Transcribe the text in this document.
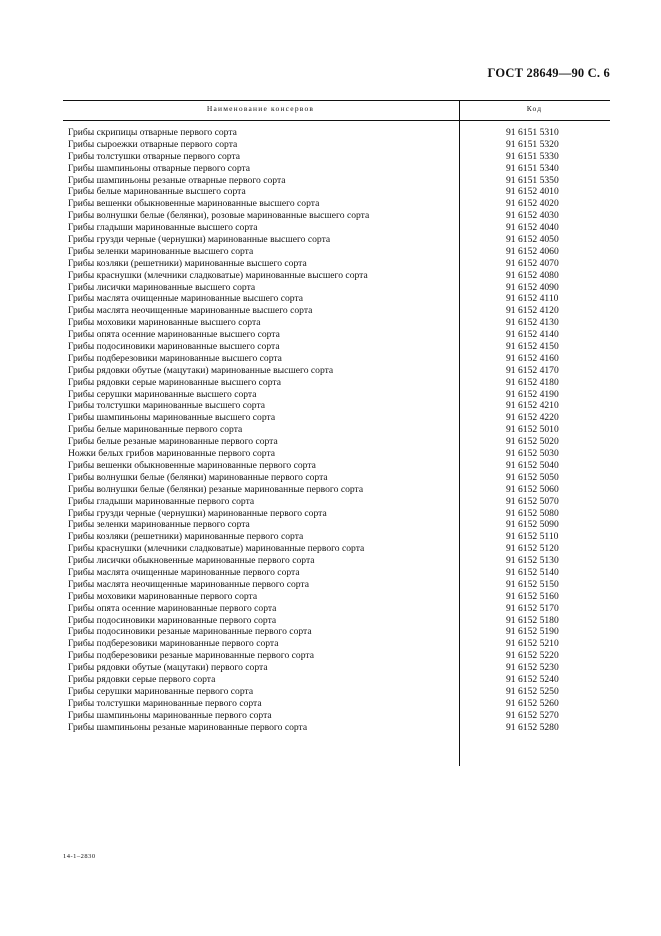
ГОСТ 28649—90 С. 6
Наименование консервов	Код
Грибы скрипицы отварные первого сорта	91 6151 5310
Грибы сыроежки отварные первого сорта	91 6151 5320
Грибы толстушки отварные первого сорта	91 6151 5330
Грибы шампиньоны отварные первого сорта	91 6151 5340
Грибы шампиньоны резаные отварные первого сорта	91 6151 5350
Грибы белые маринованные высшего сорта	91 6152 4010
Грибы вешенки обыкновенные маринованные высшего сорта	91 6152 4020
Грибы волнушки белые (белянки), розовые маринованные высшего сорта	91 6152 4030
Грибы гладыши маринованные высшего сорта	91 6152 4040
Грибы грузди черные (чернушки) маринованные высшего сорта	91 6152 4050
Грибы зеленки маринованные высшего сорта	91 6152 4060
Грибы козляки (решетники) маринованные высшего сорта	91 6152 4070
Грибы краснушки (млечники сладковатые) маринованные высшего сорта	91 6152 4080
Грибы лисички маринованные высшего сорта	91 6152 4090
Грибы маслята очищенные маринованные высшего сорта	91 6152 4110
Грибы маслята неочищенные маринованные высшего сорта	91 6152 4120
Грибы моховики маринованные высшего сорта	91 6152 4130
Грибы опята осенние маринованные высшего сорта	91 6152 4140
Грибы подосиновики маринованные высшего сорта	91 6152 4150
Грибы подберезовики маринованные высшего сорта	91 6152 4160
Грибы рядовки обутые (мацутаки) маринованные высшего сорта	91 6152 4170
Грибы рядовки серые маринованные высшего сорта	91 6152 4180
Грибы серушки маринованные высшего сорта	91 6152 4190
Грибы толстушки маринованные высшего сорта	91 6152 4210
Грибы шампиньоны маринованные высшего сорта	91 6152 4220
Грибы белые маринованные первого сорта	91 6152 5010
Грибы белые резаные маринованные первого сорта	91 6152 5020
Ножки белых грибов маринованные первого сорта	91 6152 5030
Грибы вешенки обыкновенные маринованные первого сорта	91 6152 5040
Грибы волнушки белые (белянки) маринованные первого сорта	91 6152 5050
Грибы волнушки белые (белянки) резаные маринованные первого сорта	91 6152 5060
Грибы гладыши маринованные первого сорта	91 6152 5070
Грибы грузди черные (чернушки) маринованные первого сорта	91 6152 5080
Грибы зеленки маринованные первого сорта	91 6152 5090
Грибы козляки (решетники) маринованные первого сорта	91 6152 5110
Грибы краснушки (млечники сладковатые) маринованные первого сорта	91 6152 5120
Грибы лисички обыкновенные маринованные первого сорта	91 6152 5130
Грибы маслята очищенные маринованные первого сорта	91 6152 5140
Грибы маслята неочищенные маринованные первого сорта	91 6152 5150
Грибы моховики маринованные первого сорта	91 6152 5160
Грибы опята осенние маринованные первого сорта	91 6152 5170
Грибы подосиновики маринованные первого сорта	91 6152 5180
Грибы подосиновики резаные маринованные первого сорта	91 6152 5190
Грибы подберезовики маринованные первого сорта	91 6152 5210
Грибы подберезовики резаные маринованные первого сорта	91 6152 5220
Грибы рядовки обутые (мацутаки) первого сорта	91 6152 5230
Грибы рядовки серые первого сорта	91 6152 5240
Грибы серушки маринованные первого сорта	91 6152 5250
Грибы толстушки маринованные первого сорта	91 6152 5260
Грибы шампиньоны маринованные первого сорта	91 6152 5270
Грибы шампиньоны резаные маринованные первого сорта	91 6152 5280
14-1–2830
